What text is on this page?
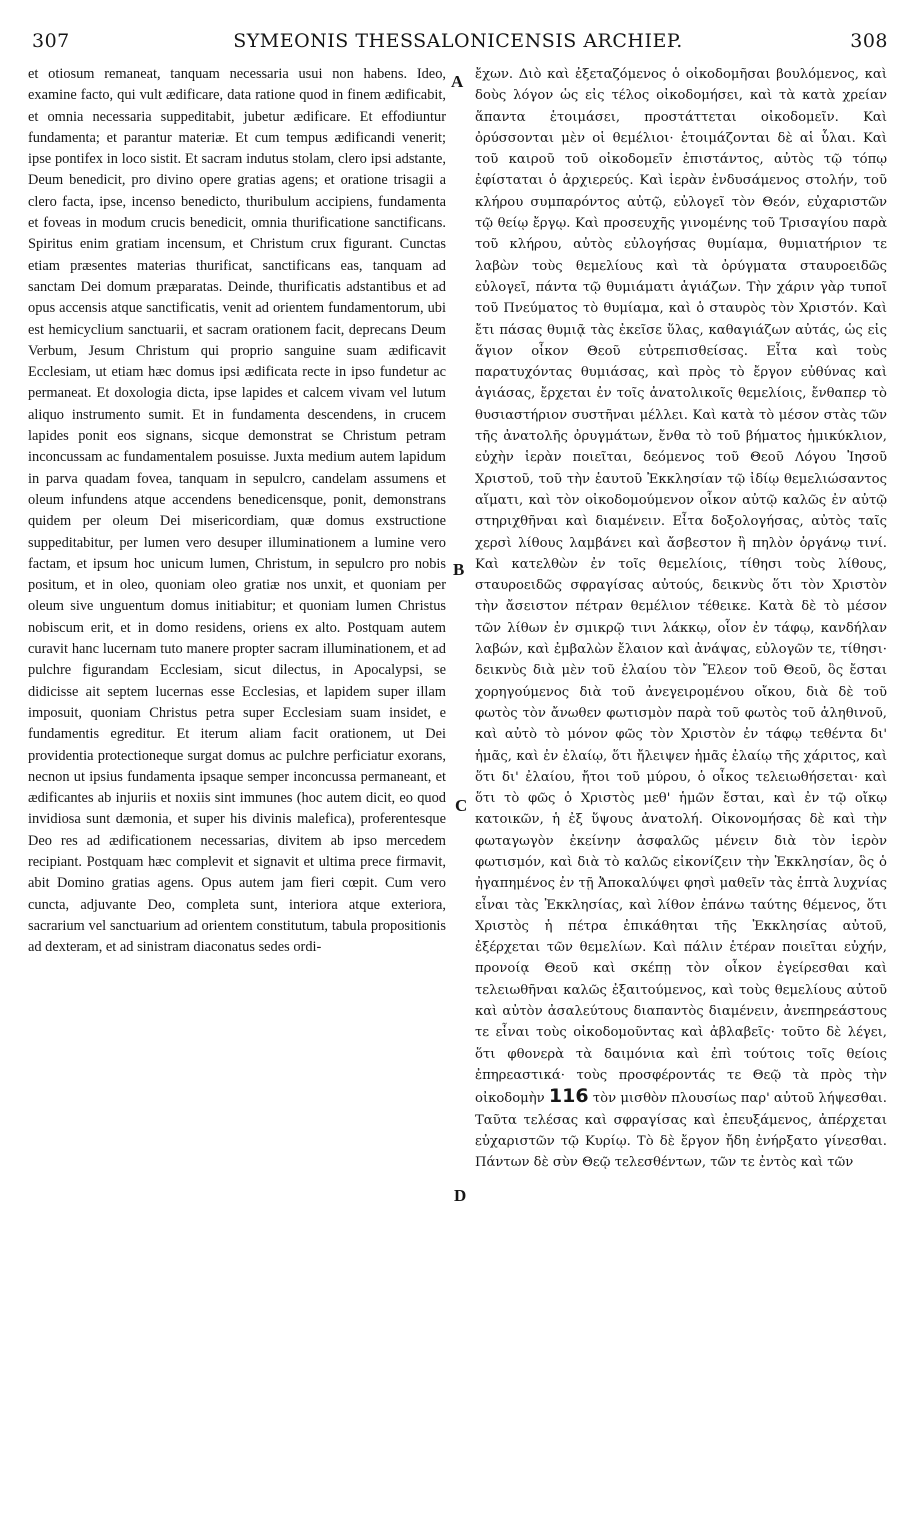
307	SYMEONIS THESSALONICENSIS ARCHIEP.	308

et otiosum remaneat, tanquam necessaria usui non habens. Ideo, examine facto, qui vult ædificare, data ratione quod in finem ædificabit, et omnia necessaria suppeditabit, jubetur ædificare. Et effodiuntur fundamenta; et parantur materiæ. Et cum tempus ædificandi venerit; ipse pontifex in loco sistit. Et sacram indutus stolam, clero ipsi adstante, Deum benedicit, pro divino opere gratias agens; et oratione trisagii a clero facta, ipse, incenso benedicto, thuribulum accipiens, fundamenta et foveas in modum crucis benedicit, omnia thurificatione sanctificans. Spiritus enim gratiam incensum, et Christum crux figurant. Cunctas etiam præsentes materias thurificat, sanctificans eas, tanquam ad sanctam Dei domum præparatas. Deinde, thurificatis adstantibus et ad opus accensis atque sanctificatis, venit ad orientem fundamentorum, ubi est hemicyclium sanctuarii, et sacram orationem facit, deprecans Deum Verbum, Jesum Christum qui proprio sanguine suam ædificavit Ecclesiam, ut etiam hæc domus ipsi ædificata recte in ipso fundetur ac permaneat. Et doxologia dicta, ipse lapides et calcem vivam vel lutum aliquo instrumento sumit. Et in fundamenta descendens, in crucem lapides ponit eos signans, sicque demonstrat se Christum petram inconcussam ac fundamentalem posuisse. Juxta medium autem lapidum in parva quadam fovea, tanquam in sepulcro, candelam assumens et oleum infundens atque accendens benedicensque, ponit, demonstrans quidem per oleum Dei misericordiam, quæ domus exstructione suppeditabitur, per lumen vero desuper illuminationem a lumine vero factam, et ipsum hoc unicum lumen, Christum, in sepulcro pro nobis positum, et in oleo, quoniam oleo gratiæ nos unxit, et quoniam per oleum sive unguentum domus initiabitur; et quoniam lumen Christus nobiscum erit, et in domo residens, oriens ex alto. Postquam autem curavit hanc lucernam tuto manere propter sacram illuminationem, et ad pulchre figurandam Ecclesiam, sicut dilectus, in Apocalypsi, se didicisse ait septem lucernas esse Ecclesias, et lapidem super illam imposuit, quoniam Christus petra super Ecclesiam suam insidet, e fundamentis egreditur. Et iterum aliam facit orationem, ut Dei providentia protectioneque surgat domus ac pulchre perficiatur exorans, necnon ut ipsius fundamenta ipsaque semper inconcussa permaneant, et ædificantes ab injuriis et noxiis sint immunes (hoc autem dicit, eo quod invidiosa sunt dæmonia, et super his divinis malefica), proferentesque Deo res ad ædificationem necessarias, divitem ab ipso mercedem recipiant. Postquam hæc complevit et signavit et ultima prece firmavit, abit Domino gratias agens. Opus autem jam fieri cœpit. Cum vero cuncta, adjuvante Deo, completa sunt, interiora atque exteriora, sacrarium vel sanctuarium ad orientem constitutum, tabula propositionis ad dexteram, et ad sinistram diaconatus sedes ordi-

A
B
C
D

ἔχων. Διὸ καὶ ἐξεταζόμενος ὁ οἰκοδομῆσαι βουλόμενος, καὶ δοὺς λόγον ὡς εἰς τέλος οἰκοδομήσει, καὶ τὰ κατὰ χρείαν ἅπαντα ἑτοιμάσει, προστάττεται οἰκοδομεῖν. Καὶ ὀρύσσονται μὲν οἱ θεμέλιοι· ἑτοιμάζονται δὲ αἱ ὗλαι. Καὶ τοῦ καιροῦ τοῦ οἰκοδομεῖν ἐπιστάντος, αὐτὸς τῷ τόπῳ ἐφίσταται ὁ ἀρχιερεύς. Καὶ ἱερὰν ἐνδυσάμενος στολήν, τοῦ κλήρου συμπαρόντος αὐτῷ, εὐλογεῖ τὸν Θεόν, εὐχαριστῶν τῷ θείῳ ἔργῳ. Καὶ προσευχῆς γινομένης τοῦ Τρισαγίου παρὰ τοῦ κλήρου, αὐτὸς εὐλογήσας θυμίαμα, θυμιατήριον τε λαβὼν τοὺς θεμελίους καὶ τὰ ὀρύγματα σταυροειδῶς εὐλογεῖ, πάντα τῷ θυμιάματι ἁγιάζων. Τὴν χάριν γὰρ τυποῖ τοῦ Πνεύματος τὸ θυμίαμα, καὶ ὁ σταυρὸς τὸν Χριστόν. Καὶ ἔτι πάσας θυμιᾷ τὰς ἐκεῖσε ὕλας, καθαγιάζων αὐτάς, ὡς εἰς ἅγιον οἶκον Θεοῦ εὐτρεπισθείσας. Εἶτα καὶ τοὺς παρατυχόντας θυμιάσας, καὶ πρὸς τὸ ἔργον εὐθύνας καὶ ἁγιάσας, ἔρχεται ἐν τοῖς ἀνατολικοῖς θεμελίοις, ἔνθαπερ τὸ θυσιαστήριον συστῆναι μέλλει. Καὶ κατὰ τὸ μέσον στὰς τῶν τῆς ἀνατολῆς ὀρυγμάτων, ἔνθα τὸ τοῦ βήματος ἡμικύκλιον, εὐχὴν ἱερὰν ποιεῖται, δεόμενος τοῦ Θεοῦ Λόγου Ἰησοῦ Χριστοῦ, τοῦ τὴν ἑαυτοῦ Ἐκκλησίαν τῷ ἰδίῳ θεμελιώσαντος αἵματι, καὶ τὸν οἰκοδομούμενον οἶκον αὐτῷ καλῶς ἐν αὐτῷ στηριχθῆναι καὶ διαμένειν. Εἶτα δοξολογήσας, αὐτὸς ταῖς χερσὶ λίθους λαμβάνει καὶ ἄσβεστον ἢ πηλὸν ὀργάνῳ τινί. Καὶ κατελθὼν ἐν τοῖς θεμελίοις, τίθησι τοὺς λίθους, σταυροειδῶς σφραγίσας αὐτούς, δεικνὺς ὅτι τὸν Χριστὸν τὴν ἄσειστον πέτραν θεμέλιον τέθεικε. Κατὰ δὲ τὸ μέσον τῶν λίθων ἐν σμικρῷ τινι λάκκῳ, οἷον ἐν τάφῳ, κανδήλαν λαβών, καὶ ἐμβαλὼν ἔλαιον καὶ ἀνάψας, εὐλογῶν τε, τίθησι· δεικνὺς διὰ μὲν τοῦ ἐλαίου τὸν Ἔλεον τοῦ Θεοῦ, ὃς ἔσται χορηγούμενος διὰ τοῦ ἀνεγειρομένου οἴκου, διὰ δὲ τοῦ φωτὸς τὸν ἄνωθεν φωτισμὸν παρὰ τοῦ φωτὸς τοῦ ἀληθινοῦ, καὶ αὐτὸ τὸ μόνον φῶς τὸν Χριστὸν ἐν τάφῳ τεθέντα δι' ἡμᾶς, καὶ ἐν ἐλαίῳ, ὅτι ἤλειψεν ἡμᾶς ἐλαίῳ τῆς χάριτος, καὶ ὅτι δι' ἐλαίου, ἤτοι τοῦ μύρου, ὁ οἶκος τελειωθήσεται· καὶ ὅτι τὸ φῶς ὁ Χριστὸς μεθ' ἡμῶν ἔσται, καὶ ἐν τῷ οἴκῳ κατοικῶν, ἡ ἐξ ὕψους ἀνατολή. Οἰκονομήσας δὲ καὶ τὴν φωταγωγὸν ἐκείνην ἀσφαλῶς μένειν διὰ τὸν ἱερὸν φωτισμόν, καὶ διὰ τὸ καλῶς εἰκονίζειν τὴν Ἐκκλησίαν, ὃς ὁ ἠγαπημένος ἐν τῇ Ἀποκαλύψει φησὶ μαθεῖν τὰς ἑπτὰ λυχνίας εἶναι τὰς Ἐκκλησίας, καὶ λίθον ἐπάνω ταύτης θέμενος, ὅτι Χριστὸς ἡ πέτρα ἐπικάθηται τῆς Ἐκκλησίας αὐτοῦ, ἐξέρχεται τῶν θεμελίων. Καὶ πάλιν ἑτέραν ποιεῖται εὐχήν, προνοίᾳ Θεοῦ καὶ σκέπῃ τὸν οἶκον ἐγείρεσθαι καὶ τελειωθῆναι καλῶς ἐξαιτούμενος, καὶ τοὺς θεμελίους αὐτοῦ καὶ αὐτὸν ἀσαλεύτους διαπαντὸς διαμένειν, ἀνεπηρεάστους τε εἶναι τοὺς οἰκοδομοῦντας καὶ ἀβλαβεῖς· τοῦτο δὲ λέγει, ὅτι φθονερὰ τὰ δαιμόνια καὶ ἐπὶ τούτοις τοῖς θείοις ἐπηρεαστικά· τοὺς προσφέροντάς τε Θεῷ τὰ πρὸς τὴν οἰκοδομὴν 116 τὸν μισθὸν πλουσίως παρ' αὐτοῦ λήψεσθαι. Ταῦτα τελέσας καὶ σφραγίσας καὶ ἐπευξάμενος, ἀπέρχεται εὐχαριστῶν τῷ Κυρίῳ. Τὸ δὲ ἔργον ἤδη ἐνήρξατο γίνεσθαι. Πάντων δὲ σὺν Θεῷ τελεσθέντων, τῶν τε ἐντὸς καὶ τῶν
